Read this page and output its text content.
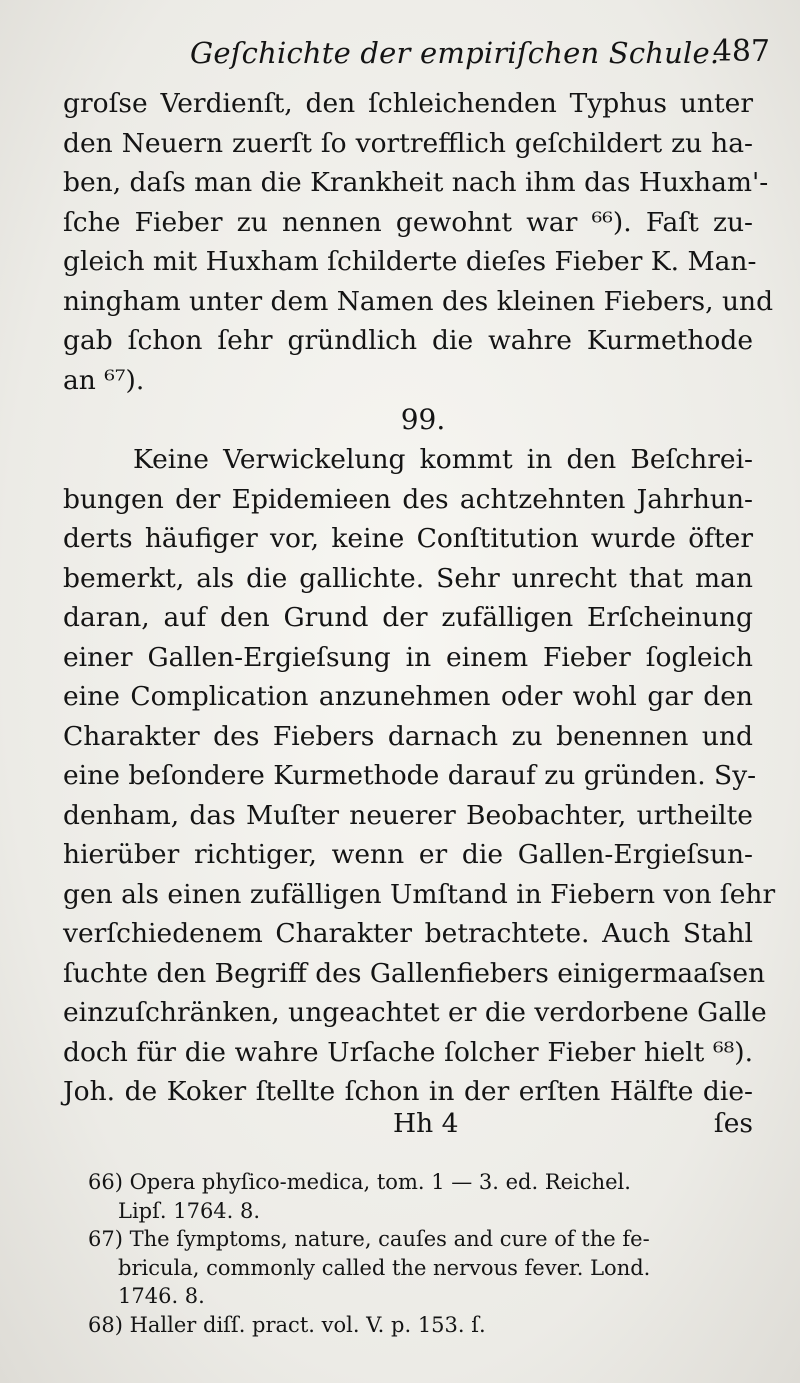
Geſchichte der empiriſchen Schule.
487
groſse Verdienſt, den ſchleichenden Typhus unter
den Neuern zuerſt ſo vortrefflich geſchildert zu ha-
ben, daſs man die Krankheit nach ihm das Huxham'-
ſche Fieber zu nennen gewohnt war ⁶⁶). Faſt zu-
gleich mit Huxham ſchilderte dieſes Fieber K. Man-
ningham unter dem Namen des kleinen Fiebers, und
gab ſchon ſehr gründlich die wahre Kurmethode
an ⁶⁷).
99.
Keine Verwickelung kommt in den Beſchrei-
bungen der Epidemieen des achtzehnten Jahrhun-
derts häufiger vor, keine Conſtitution wurde öfter
bemerkt, als die gallichte. Sehr unrecht that man
daran, auf den Grund der zufälligen Erſcheinung
einer Gallen-Ergieſsung in einem Fieber ſogleich
eine Complication anzunehmen oder wohl gar den
Charakter des Fiebers darnach zu benennen und
eine beſondere Kurmethode darauf zu gründen. Sy-
denham, das Muſter neuerer Beobachter, urtheilte
hierüber richtiger, wenn er die Gallen-Ergieſsun-
gen als einen zufälligen Umſtand in Fiebern von ſehr
verſchiedenem Charakter betrachtete. Auch Stahl
ſuchte den Begriff des Gallenfiebers einigermaaſsen
einzuſchränken, ungeachtet er die verdorbene Galle
doch für die wahre Urſache ſolcher Fieber hielt ⁶⁸).
Joh. de Koker ſtellte ſchon in der erſten Hälfte die-
Hh 4	ſes
66) Opera phyſico-medica, tom. 1 — 3. ed. Reichel.
Lipſ. 1764. 8.
67) The ſymptoms, nature, cauſes and cure of the fe-
bricula, commonly called the nervous fever. Lond.
1746. 8.
68) Haller diſſ. pract. vol. V. p. 153. ſ.
